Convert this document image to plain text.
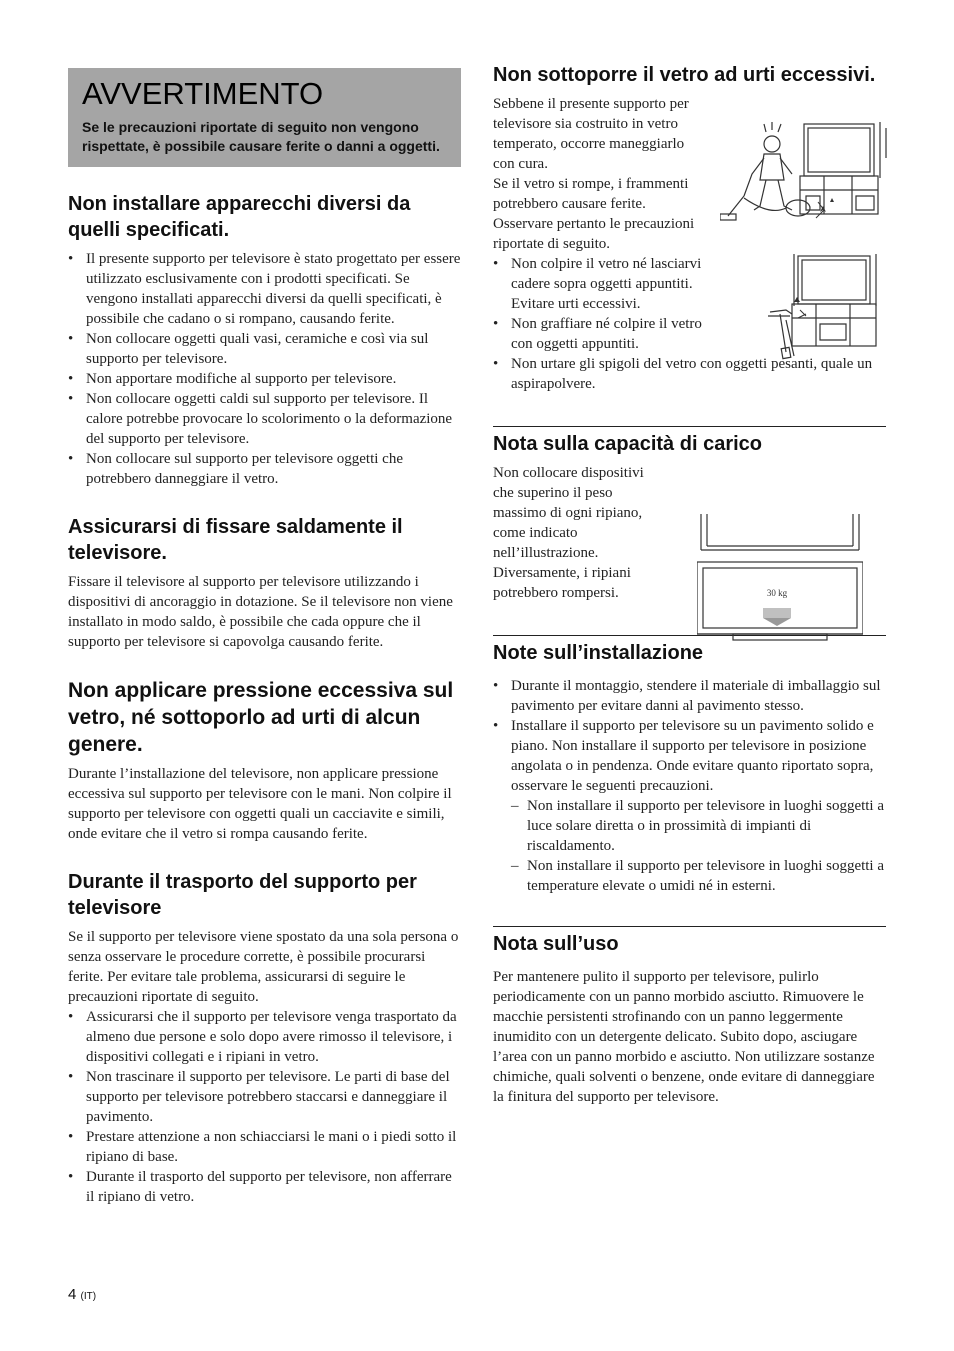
AVVERTIMENTO
Se le precauzioni riportate di seguito non vengono rispettate, è possibile causare ferite o danni a oggetti.
Non installare apparecchi diversi da quelli specificati.
• Il presente supporto per televisore è stato progettato per essere utilizzato esclusivamente con i prodotti specificati. Se vengono installati apparecchi diversi da quelli specificati, è possibile che cadano o si rompano, causando ferite.
• Non collocare oggetti quali vasi, ceramiche e così via sul supporto per televisore.
• Non apportare modifiche al supporto per televisore.
• Non collocare oggetti caldi sul supporto per televisore. Il calore potrebbe provocare lo scolorimento o la deformazione del supporto per televisore.
• Non collocare sul supporto per televisore oggetti che potrebbero danneggiare il vetro.
Assicurarsi di fissare saldamente il televisore.

Fissare il televisore al supporto per televisore utilizzando i dispositivi di ancoraggio in dotazione. Se il televisore non viene installato in modo saldo, è possibile che cada oppure che il supporto per televisore si capovolga causando ferite.

Non applicare pressione eccessiva sul vetro, né sottoporlo ad urti di alcun genere.

Durante l’installazione del televisore, non applicare pressione eccessiva sul supporto per televisore con le mani. Non colpire il supporto per televisore con oggetti quali un cacciavite e simili, onde evitare che il vetro si rompa causando ferite.

Durante il trasporto del supporto per televisore

Se il supporto per televisore viene spostato da una sola persona o senza osservare le procedure corrette, è possibile procurarsi ferite. Per evitare tale problema, assicurarsi di seguire le precauzioni riportate di seguito.

• Assicurarsi che il supporto per televisore venga trasportato da almeno due persone e solo dopo avere rimosso il televisore, i dispositivi collegati e i ripiani in vetro.
• Non trascinare il supporto per televisore. Le parti di base del supporto per televisore potrebbero staccarsi e danneggiare il pavimento.
• Prestare attenzione a non schiacciarsi le mani o i piedi sotto il ripiano di base.
• Durante il trasporto del supporto per televisore, non afferrare il ripiano di vetro.
Non sottoporre il vetro ad urti eccessivi.

Sebbene il presente supporto per televisore sia costruito in vetro temperato, occorre maneggiarlo con cura.

Se il vetro si rompe, i frammenti potrebbero causare ferite. Osservare pertanto le precauzioni riportate di seguito.

• Non colpire il vetro né lasciarvi cadere sopra oggetti appuntiti. Evitare urti eccessivi.
• Non graffiare né colpire il vetro con oggetti appuntiti.
• Non urtare gli spigoli del vetro con oggetti pesanti, quale un aspirapolvere.
Nota sulla capacità di carico

Non collocare dispositivi che superino il peso massimo di ogni ripiano, come indicato nell’illustrazione. Diversamente, i ripiani potrebbero rompersi.

Note sull’installazione
• Durante il montaggio, stendere il materiale di imballaggio sul pavimento per evitare danni al pavimento stesso.
• Installare il supporto per televisore su un pavimento solido e piano. Non installare il supporto per televisore in posizione angolata o in pendenza. Onde evitare quanto riportato sopra, osservare le seguenti precauzioni.
– Non installare il supporto per televisore in luoghi soggetti a luce solare diretta o in prossimità di impianti di riscaldamento.
– Non installare il supporto per televisore in luoghi soggetti a temperature elevate o umidi né in esterni.
Nota sull’uso

Per mantenere pulito il supporto per televisore, pulirlo periodicamente con un panno morbido asciutto. Rimuovere le macchie persistenti strofinando con un panno leggermente inumidito con un detergente delicato. Subito dopo, asciugare l’area con un panno morbido e asciutto. Non utilizzare sostanze chimiche, quali solventi o benzene, onde evitare di danneggiare la finitura del supporto per televisore.

30 kg
4 (IT)
